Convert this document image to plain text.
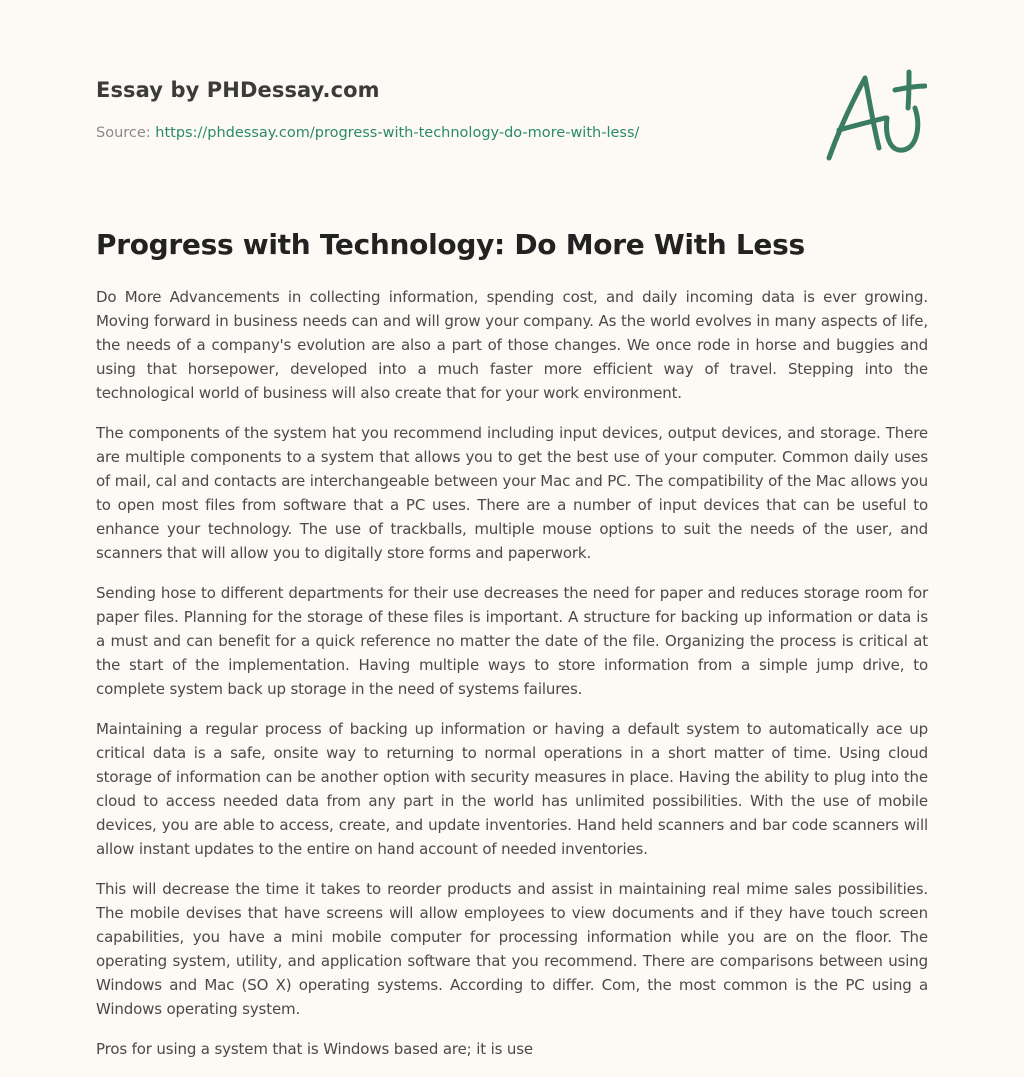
Essay by PHDessay.com
Source: https://phdessay.com/progress-with-technology-do-more-with-less/
Progress with Technology: Do More With Less

Do More Advancements in collecting information, spending cost, and daily incoming data is ever growing. Moving forward in business needs can and will grow your company. As the world evolves in many aspects of life, the needs of a company's evolution are also a part of those changes. We once rode in horse and buggies and using that horsepower, developed into a much faster more efficient way of travel. Stepping into the technological world of business will also create that for your work environment.

The components of the system hat you recommend including input devices, output devices, and storage. There are multiple components to a system that allows you to get the best use of your computer. Common daily uses of mail, cal and contacts are interchangeable between your Mac and PC. The compatibility of the Mac allows you to open most files from software that a PC uses. There are a number of input devices that can be useful to enhance your technology. The use of trackballs, multiple mouse options to suit the needs of the user, and scanners that will allow you to digitally store forms and paperwork.

Sending hose to different departments for their use decreases the need for paper and reduces storage room for paper files. Planning for the storage of these files is important. A structure for backing up information or data is a must and can benefit for a quick reference no matter the date of the file. Organizing the process is critical at the start of the implementation. Having multiple ways to store information from a simple jump drive, to complete system back up storage in the need of systems failures.

Maintaining a regular process of backing up information or having a default system to automatically ace up critical data is a safe, onsite way to returning to normal operations in a short matter of time. Using cloud storage of information can be another option with security measures in place. Having the ability to plug into the cloud to access needed data from any part in the world has unlimited possibilities. With the use of mobile devices, you are able to access, create, and update inventories. Hand held scanners and bar code scanners will allow instant updates to the entire on hand account of needed inventories.

This will decrease the time it takes to reorder products and assist in maintaining real mime sales possibilities. The mobile devises that have screens will allow employees to view documents and if they have touch screen capabilities, you have a mini mobile computer for processing information while you are on the floor. The operating system, utility, and application software that you recommend. There are comparisons between using Windows and Mac (SO X) operating systems. According to differ. Com, the most common is the PC using a Windows operating system.

Pros for using a system that is Windows based are; it is use
